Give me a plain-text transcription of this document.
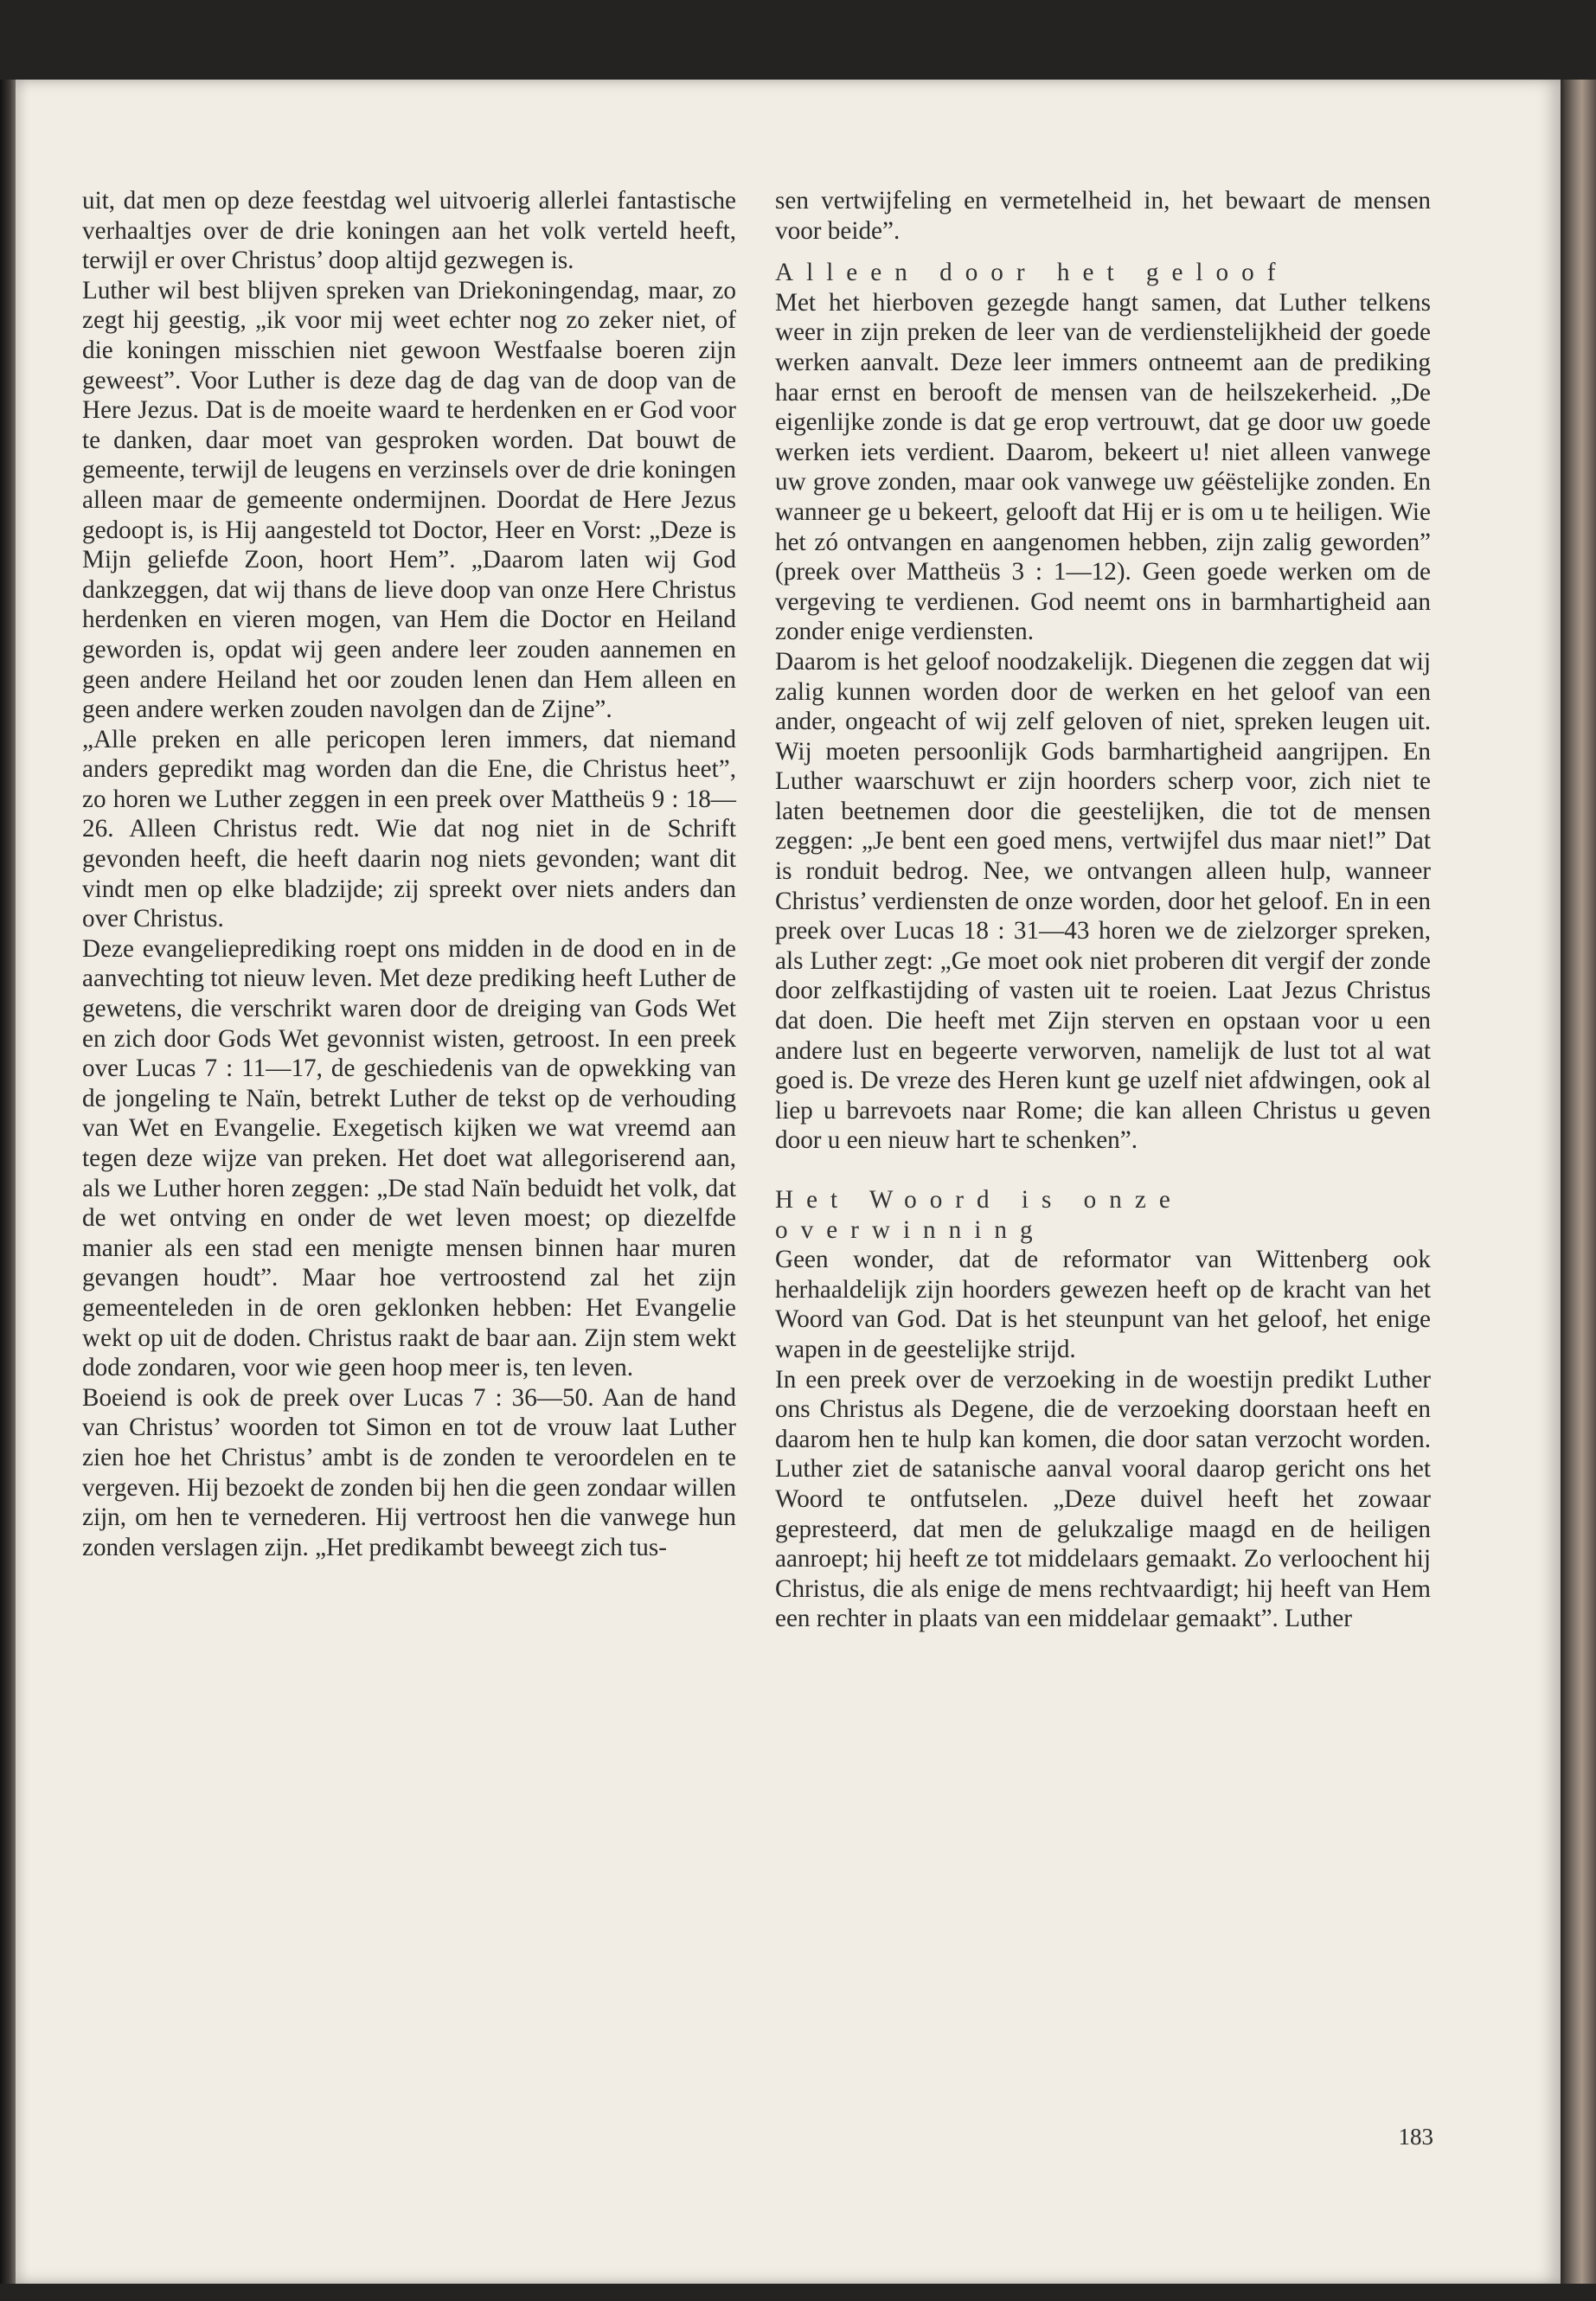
uit, dat men op deze feestdag wel uitvoerig allerlei fantastische verhaaltjes over de drie koningen aan het volk verteld heeft, terwijl er over Christus’ doop altijd gezwegen is.

Luther wil best blijven spreken van Driekoningendag, maar, zo zegt hij geestig, „ik voor mij weet echter nog zo zeker niet, of die koningen misschien niet gewoon Westfaalse boeren zijn geweest”. Voor Luther is deze dag de dag van de doop van de Here Jezus. Dat is de moeite waard te herdenken en er God voor te danken, daar moet van gesproken worden. Dat bouwt de gemeente, terwijl de leugens en verzinsels over de drie koningen alleen maar de gemeente ondermijnen. Doordat de Here Jezus gedoopt is, is Hij aangesteld tot Doctor, Heer en Vorst: „Deze is Mijn geliefde Zoon, hoort Hem”. „Daarom laten wij God dankzeggen, dat wij thans de lieve doop van onze Here Christus herdenken en vieren mogen, van Hem die Doctor en Heiland geworden is, opdat wij geen andere leer zouden aannemen en geen andere Heiland het oor zouden lenen dan Hem alleen en geen andere werken zouden navolgen dan de Zijne”.

„Alle preken en alle pericopen leren immers, dat niemand anders gepredikt mag worden dan die Ene, die Christus heet”, zo horen we Luther zeggen in een preek over Mattheüs 9 : 18—26. Alleen Christus redt. Wie dat nog niet in de Schrift gevonden heeft, die heeft daarin nog niets gevonden; want dit vindt men op elke bladzijde; zij spreekt over niets anders dan over Christus.

Deze evangelieprediking roept ons midden in de dood en in de aanvechting tot nieuw leven. Met deze prediking heeft Luther de gewetens, die verschrikt waren door de dreiging van Gods Wet en zich door Gods Wet gevonnist wisten, getroost. In een preek over Lucas 7 : 11—17, de geschiedenis van de opwekking van de jongeling te Naïn, betrekt Luther de tekst op de verhouding van Wet en Evangelie. Exegetisch kijken we wat vreemd aan tegen deze wijze van preken. Het doet wat allegoriserend aan, als we Luther horen zeggen: „De stad Naïn beduidt het volk, dat de wet ontving en onder de wet leven moest; op diezelfde manier als een stad een menigte mensen binnen haar muren gevangen houdt”. Maar hoe vertroostend zal het zijn gemeenteleden in de oren geklonken hebben: Het Evangelie wekt op uit de doden. Christus raakt de baar aan. Zijn stem wekt dode zondaren, voor wie geen hoop meer is, ten leven.

Boeiend is ook de preek over Lucas 7 : 36—50. Aan de hand van Christus’ woorden tot Simon en tot de vrouw laat Luther zien hoe het Christus’ ambt is de zonden te veroordelen en te vergeven. Hij bezoekt de zonden bij hen die geen zondaar willen zijn, om hen te vernederen. Hij vertroost hen die vanwege hun zonden verslagen zijn. „Het predikambt beweegt zich tus-

sen vertwijfeling en vermetelheid in, het bewaart de mensen voor beide”.

Alleen door het geloof

Met het hierboven gezegde hangt samen, dat Luther telkens weer in zijn preken de leer van de verdienstelijkheid der goede werken aanvalt. Deze leer immers ontneemt aan de prediking haar ernst en berooft de mensen van de heilszekerheid. „De eigenlijke zonde is dat ge erop vertrouwt, dat ge door uw goede werken iets verdient. Daarom, bekeert u! niet alleen vanwege uw grove zonden, maar ook vanwege uw géëstelijke zonden. En wanneer ge u bekeert, gelooft dat Hij er is om u te heiligen. Wie het zó ontvangen en aangenomen hebben, zijn zalig geworden” (preek over Mattheüs 3 : 1—12). Geen goede werken om de vergeving te verdienen. God neemt ons in barmhartigheid aan zonder enige verdiensten.

Daarom is het geloof noodzakelijk. Diegenen die zeggen dat wij zalig kunnen worden door de werken en het geloof van een ander, ongeacht of wij zelf geloven of niet, spreken leugen uit. Wij moeten persoonlijk Gods barmhartigheid aangrijpen. En Luther waarschuwt er zijn hoorders scherp voor, zich niet te laten beetnemen door die geestelijken, die tot de mensen zeggen: „Je bent een goed mens, vertwijfel dus maar niet!” Dat is ronduit bedrog. Nee, we ontvangen alleen hulp, wanneer Christus’ verdiensten de onze worden, door het geloof. En in een preek over Lucas 18 : 31—43 horen we de zielzorger spreken, als Luther zegt: „Ge moet ook niet proberen dit vergif der zonde door zelfkastijding of vasten uit te roeien. Laat Jezus Christus dat doen. Die heeft met Zijn sterven en opstaan voor u een andere lust en begeerte verworven, namelijk de lust tot al wat goed is. De vreze des Heren kunt ge uzelf niet afdwingen, ook al liep u barrevoets naar Rome; die kan alleen Christus u geven door u een nieuw hart te schenken”.

Het Woord is onze overwinning

Geen wonder, dat de reformator van Wittenberg ook herhaaldelijk zijn hoorders gewezen heeft op de kracht van het Woord van God. Dat is het steunpunt van het geloof, het enige wapen in de geestelijke strijd.

In een preek over de verzoeking in de woestijn predikt Luther ons Christus als Degene, die de verzoeking doorstaan heeft en daarom hen te hulp kan komen, die door satan verzocht worden. Luther ziet de satanische aanval vooral daarop gericht ons het Woord te ontfutselen. „Deze duivel heeft het zowaar gepresteerd, dat men de gelukzalige maagd en de heiligen aanroept; hij heeft ze tot middelaars gemaakt. Zo verloochent hij Christus, die als enige de mens rechtvaardigt; hij heeft van Hem een rechter in plaats van een middelaar gemaakt”. Luther

183
